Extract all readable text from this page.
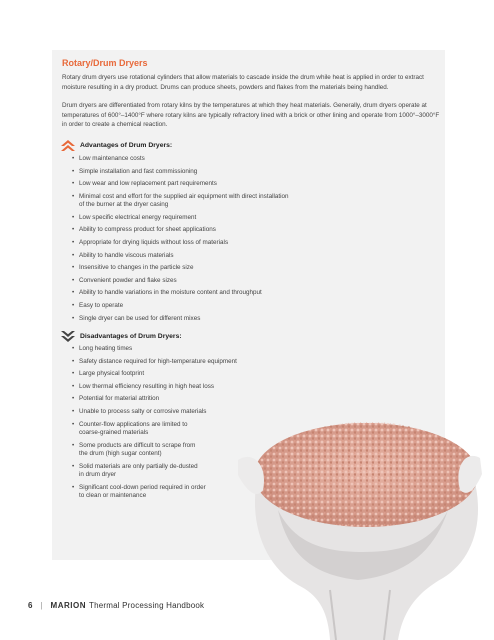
Rotary/Drum Dryers

Rotary drum dryers use rotational cylinders that allow materials to cascade inside the drum while heat is applied in order to extract moisture resulting in a dry product. Drums can produce sheets, powders and flakes from the materials being handled.

Drum dryers are differentiated from rotary kilns by the temperatures at which they heat materials. Generally, drum dryers operate at temperatures of 600°–1400°F where rotary kilns are typically refractory lined with a brick or other lining and operate from 1000°–3000°F in order to create a chemical reaction.

Advantages of Drum Dryers:
• Low maintenance costs
• Simple installation and fast commissioning
• Low wear and low replacement part requirements
• Minimal cost and effort for the supplied air equipment with direct installation
of the burner at the dryer casing
• Low specific electrical energy requirement
• Ability to compress product for sheet applications
• Appropriate for drying liquids without loss of materials
• Ability to handle viscous materials
• Insensitive to changes in the particle size
• Convenient powder and flake sizes
• Ability to handle variations in the moisture content and throughput
• Easy to operate
• Single dryer can be used for different mixes
Disadvantages of Drum Dryers:
• Long heating times
• Safety distance required for high-temperature equipment
• Large physical footprint
• Low thermal efficiency resulting in high heat loss
• Potential for material attrition
• Unable to process salty or corrosive materials
• Counter-flow applications are limited to
coarse-grained materials
• Some products are difficult to scrape from
the drum (high sugar content)
• Solid materials are only partially de-dusted
in drum dryer
• Significant cool-down period required in order
to clean or maintenance
6 | MARION Thermal Processing Handbook
